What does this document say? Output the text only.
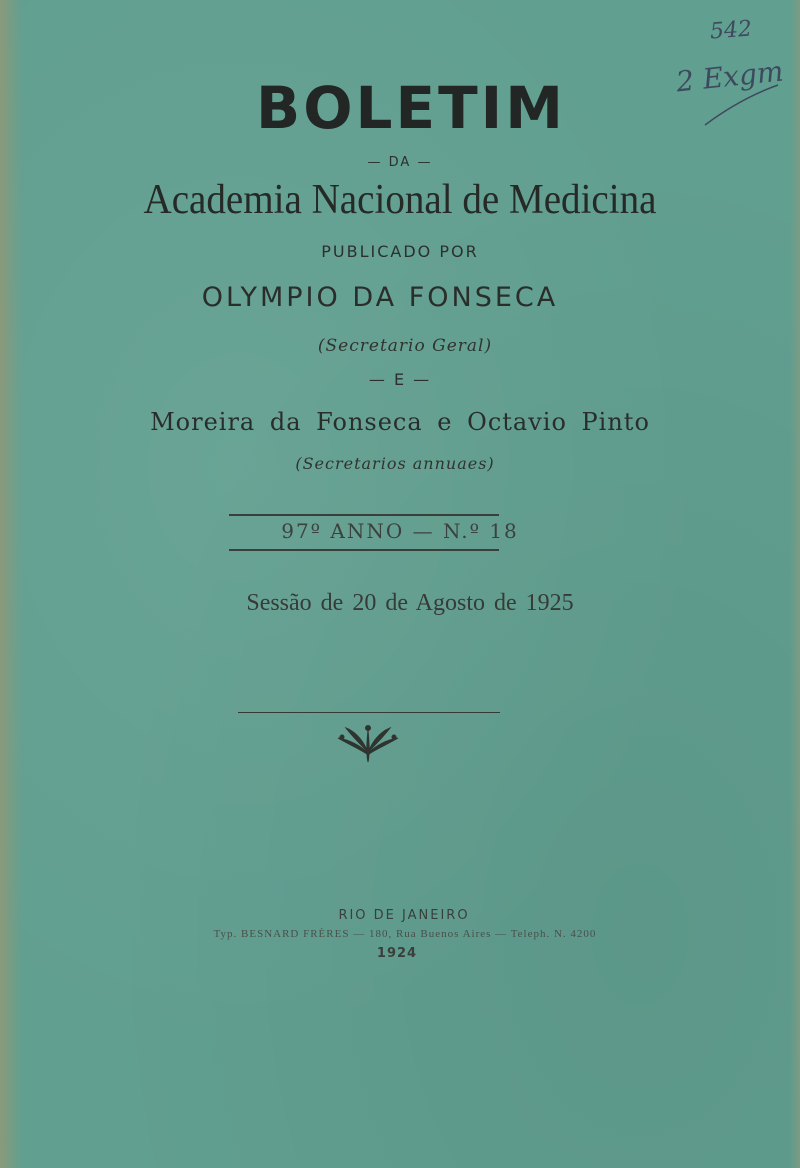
542
2 Exgm
BOLETIM
— DA —
Academia Nacional de Medicina
PUBLICADO POR
OLYMPIO DA FONSECA
(Secretario Geral)
— E —
Moreira da Fonseca e Octavio Pinto
(Secretarios annuaes)
97º ANNO — N.º 18
Sessão de 20 de Agosto de 1925
RIO DE JANEIRO
Typ. BESNARD FRÈRES — 180, Rua Buenos Aires — Teleph. N. 4200
1924
